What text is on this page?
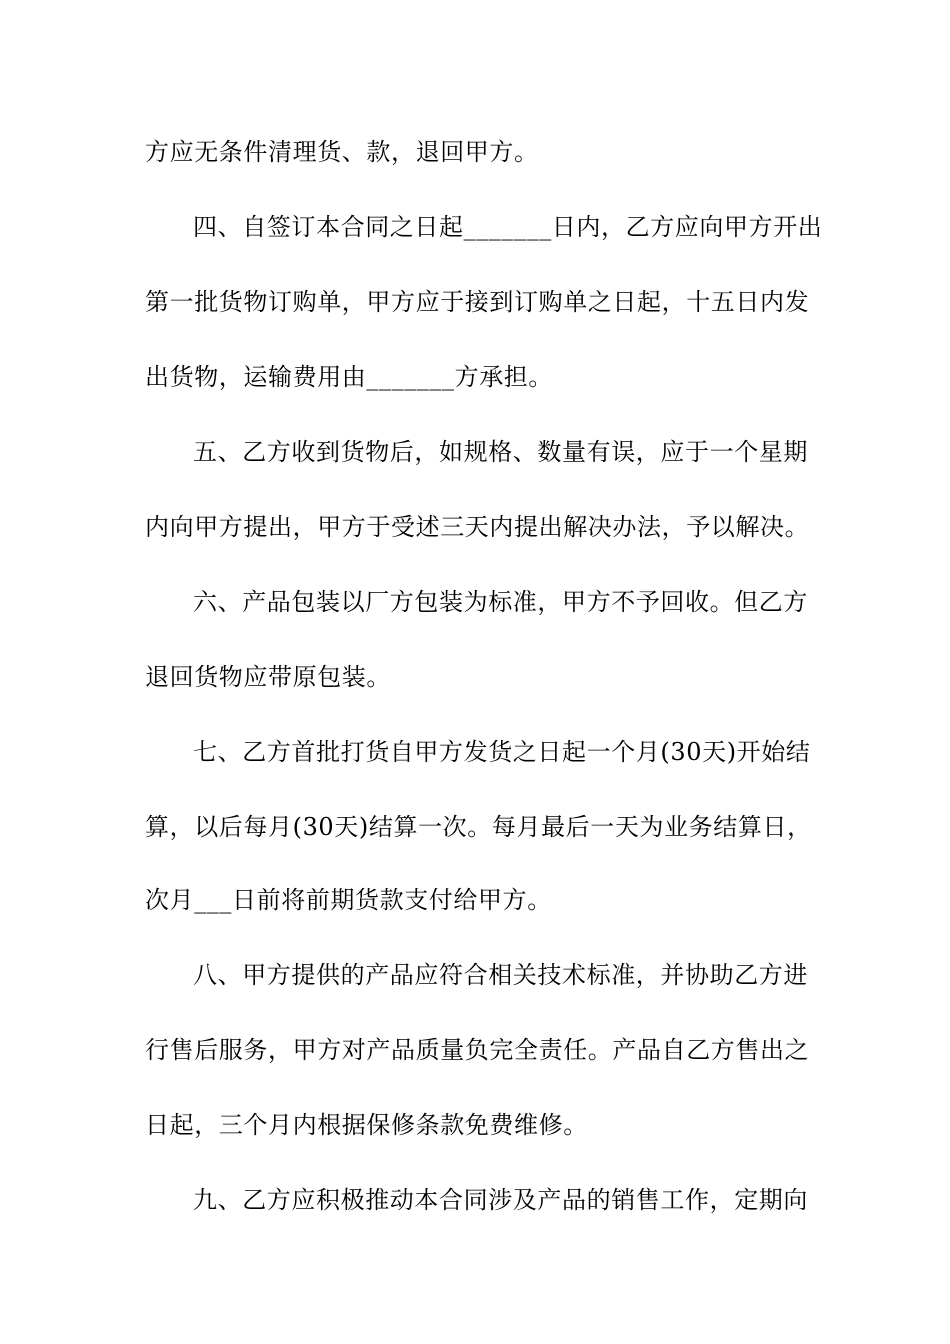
方应无条件清理货、款，退回甲方。
四、自签订本合同之日起_______日内，乙方应向甲方开出
第一批货物订购单，甲方应于接到订购单之日起，十五日内发
出货物，运输费用由_______方承担。
五、乙方收到货物后，如规格、数量有误，应于一个星期
内向甲方提出，甲方于受述三天内提出解决办法，予以解决。
六、产品包装以厂方包装为标准，甲方不予回收。但乙方
退回货物应带原包装。
七、乙方首批打货自甲方发货之日起一个月(30天)开始结
算，以后每月(30天)结算一次。每月最后一天为业务结算日，
次月___日前将前期货款支付给甲方。
八、甲方提供的产品应符合相关技术标准，并协助乙方进
行售后服务，甲方对产品质量负完全责任。产品自乙方售出之
日起，三个月内根据保修条款免费维修。
九、乙方应积极推动本合同涉及产品的销售工作，定期向
